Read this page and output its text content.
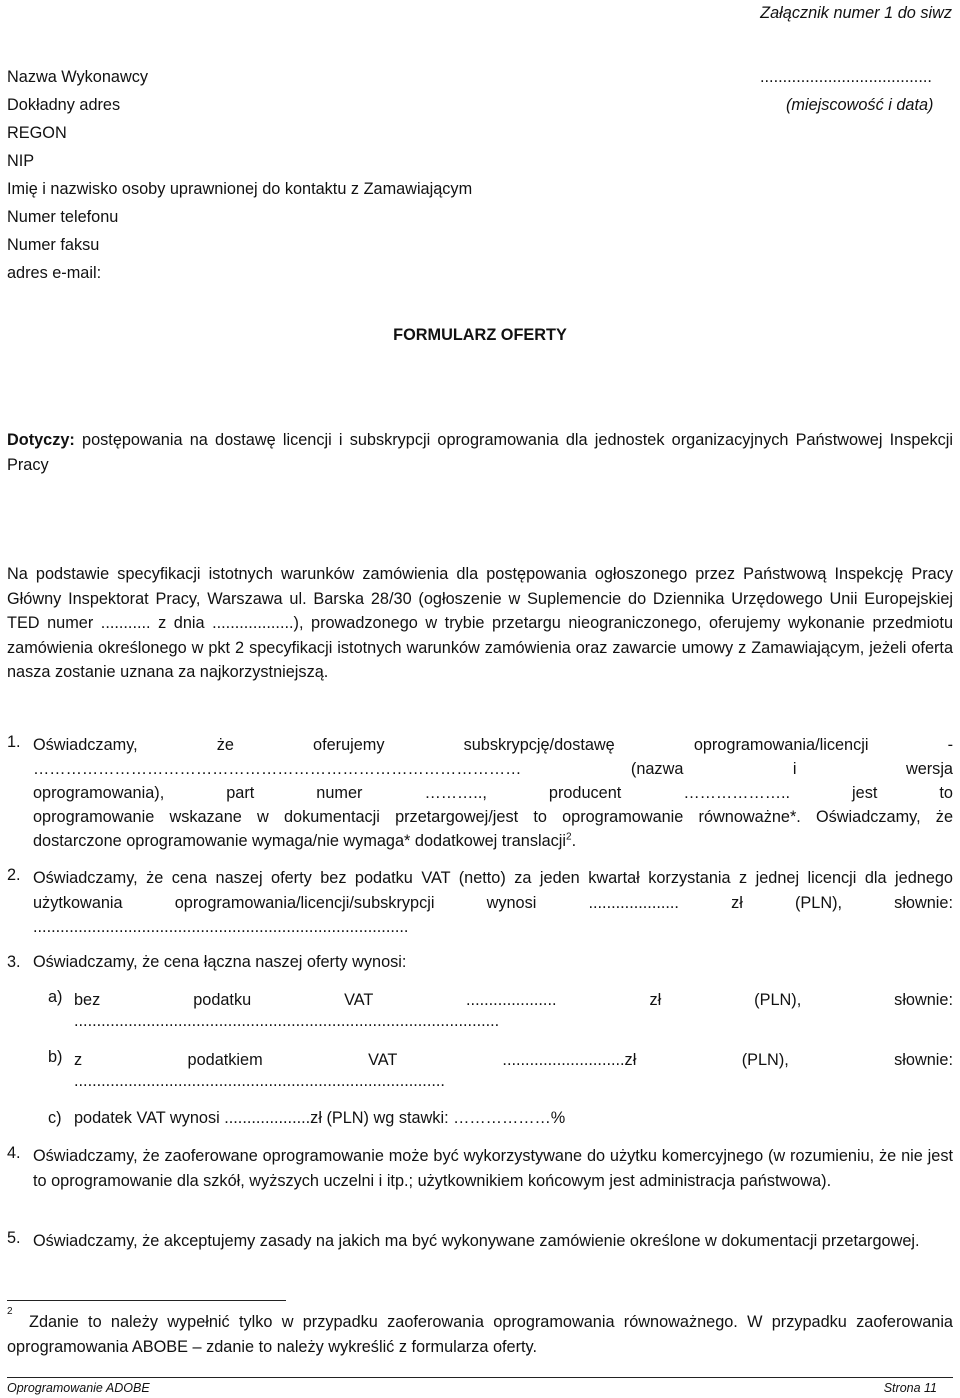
Załącznik numer 1 do siwz
Nazwa Wykonawcy
Dokładny adres
REGON
NIP
Imię i nazwisko osoby uprawnionej do kontaktu z Zamawiającym
Numer telefonu
Numer faksu
adres e-mail:
......................................
(miejscowość i data)
FORMULARZ OFERTY
Dotyczy: postępowania na dostawę licencji i subskrypcji oprogramowania dla jednostek organizacyjnych Państwowej Inspekcji Pracy
Na podstawie specyfikacji istotnych warunków zamówienia dla postępowania ogłoszonego przez Państwową Inspekcję Pracy Główny Inspektorat Pracy, Warszawa ul. Barska 28/30 (ogłoszenie w Suplemencie do Dziennika Urzędowego Unii Europejskiej TED numer ........... z dnia ..................), prowadzonego w trybie przetargu nieograniczonego, oferujemy wykonanie przedmiotu zamówienia określonego w pkt 2 specyfikacji istotnych warunków zamówienia oraz zawarcie umowy z Zamawiającym, jeżeli oferta nasza zostanie uznana za najkorzystniejszą.
1. Oświadczamy,   że   oferujemy   subskrypcję/dostawę   oprogramowania/licencji   -
……………………………………………………………………………… (nazwa i wersja
oprogramowania), part numer ……….., producent ……………….. jest to
oprogramowanie wskazane w dokumentacji przetargowej/jest to oprogramowanie równoważne*. Oświadczamy, że
dostarczone oprogramowanie wymaga/nie wymaga* dodatkowej translacji$^2$.
2. Oświadczamy, że cena naszej oferty bez podatku VAT (netto) za jeden kwartał korzystania z jednej licencji dla jednego użytkowania oprogramowania/licencji/subskrypcji wynosi .................... zł (PLN), słownie: ...................................................................................
3. Oświadczamy, że cena łączna naszej oferty wynosi:
a) bez podatku VAT .................... zł (PLN), słownie:
..............................................................................................
b) z podatkiem VAT ...........................zł (PLN), słownie:
..................................................................................
c) podatek VAT wynosi ...................zł (PLN) wg stawki: ………………%
4. Oświadczamy, że zaoferowane oprogramowanie może być wykorzystywane do użytku komercyjnego (w rozumieniu, że nie jest to oprogramowanie dla szkół, wyższych uczelni i itp.; użytkownikiem końcowym jest administracja państwowa).
5. Oświadczamy, że akceptujemy zasady na jakich ma być wykonywane zamówienie określone w dokumentacji przetargowej.
2
Zdanie to należy wypełnić tylko w przypadku zaoferowania oprogramowania równoważnego. W przypadku zaoferowania oprogramowania ABOBE – zdanie to należy wykreślić z formularza oferty.
Oprogramowanie ADOBE	Strona 11
